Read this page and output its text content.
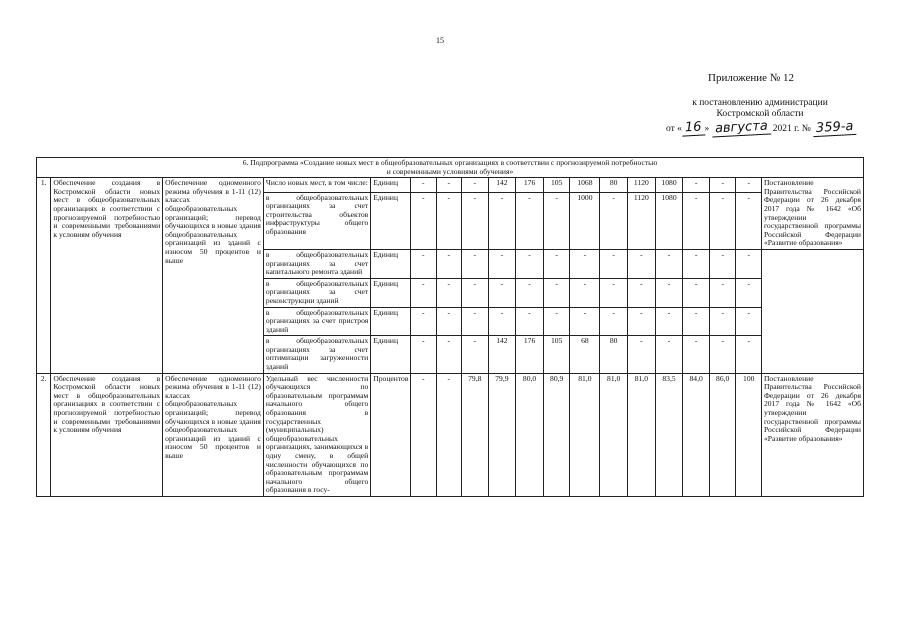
15
Приложение № 12
к постановлению администрации
Костромской области
от « 16 » августа 2021 г. № 359-а
6. Подпрограмма «Создание новых мест в общеобразовательных организациях в соответствии с прогнозируемой потребностью
и современными условиями обучения»																		

1.	Обеспечение создания в Костромской области новых мест в общеобразовательных организациях в соответствии с прогнозируемой потребностью и современными требованиями к условиям обучения	Обеспечение одноменного режима обучения в 1-11 (12) классах общеобразовательных организаций; перевод обучающихся в новые здания общеобразовательных организаций из зданий с износом 50 процентов и выше	Число новых мест, в том числе:	Единиц	-	-	-	142	176	105	1068	80	1120	1080	-	-	-	Постановление Правительства Российской Федерации от 26 декабря 2017 года № 1642 «Об утверждении государственной программы Российской Федерации «Развитие образования»
			в общеобразовательных организациях за счет строительства объектов инфраструктуры общего образования	Единиц	-	-	-	-	-	-	1000	-	1120	1080	-	-	-	
			в общеобразовательных организациях за счет капитального ремонта зданий	Единиц	-	-	-	-	-	-	-	-	-	-	-	-	-	
			в общеобразовательных организациях за счет реконструкции зданий	Единиц	-	-	-	-	-	-	-	-	-	-	-	-	-	
			в общеобразовательных организациях за счет пристроя зданий	Единиц	-	-	-	-	-	-	-	-	-	-	-	-	-	
			в общеобразовательных организациях за счет оптимизации загруженности зданий	Единиц	-	-	-	142	176	105	68	80	-	-	-	-	-	
2.	Обеспечение создания в Костромской области новых мест в общеобразовательных организациях в соответствии с прогнозируемой потребностью и современными требованиями к условиям обучения	Обеспечение одноменного режима обучения в 1-11 (12) классах общеобразовательных организаций; перевод обучающихся в новые здания общеобразовательных организаций из зданий с износом 50 процентов и выше	Удельный вес численности обучающихся по образовательным программам начального общего образования в государственных (муниципальных) общеобразовательных организациях, занимающихся в одну смену, в общей численности обучающихся по образовательным программам начального общего образования в госу-	Процентов	-	-	79,8	79,9	80,0	80,9	81,0	81,0	81,0	83,5	84,0	86,0	100	Постановление Правительства Российской Федерации от 26 декабря 2017 года № 1642 «Об утверждении государственной программы Российской Федерации «Развитие образования»
